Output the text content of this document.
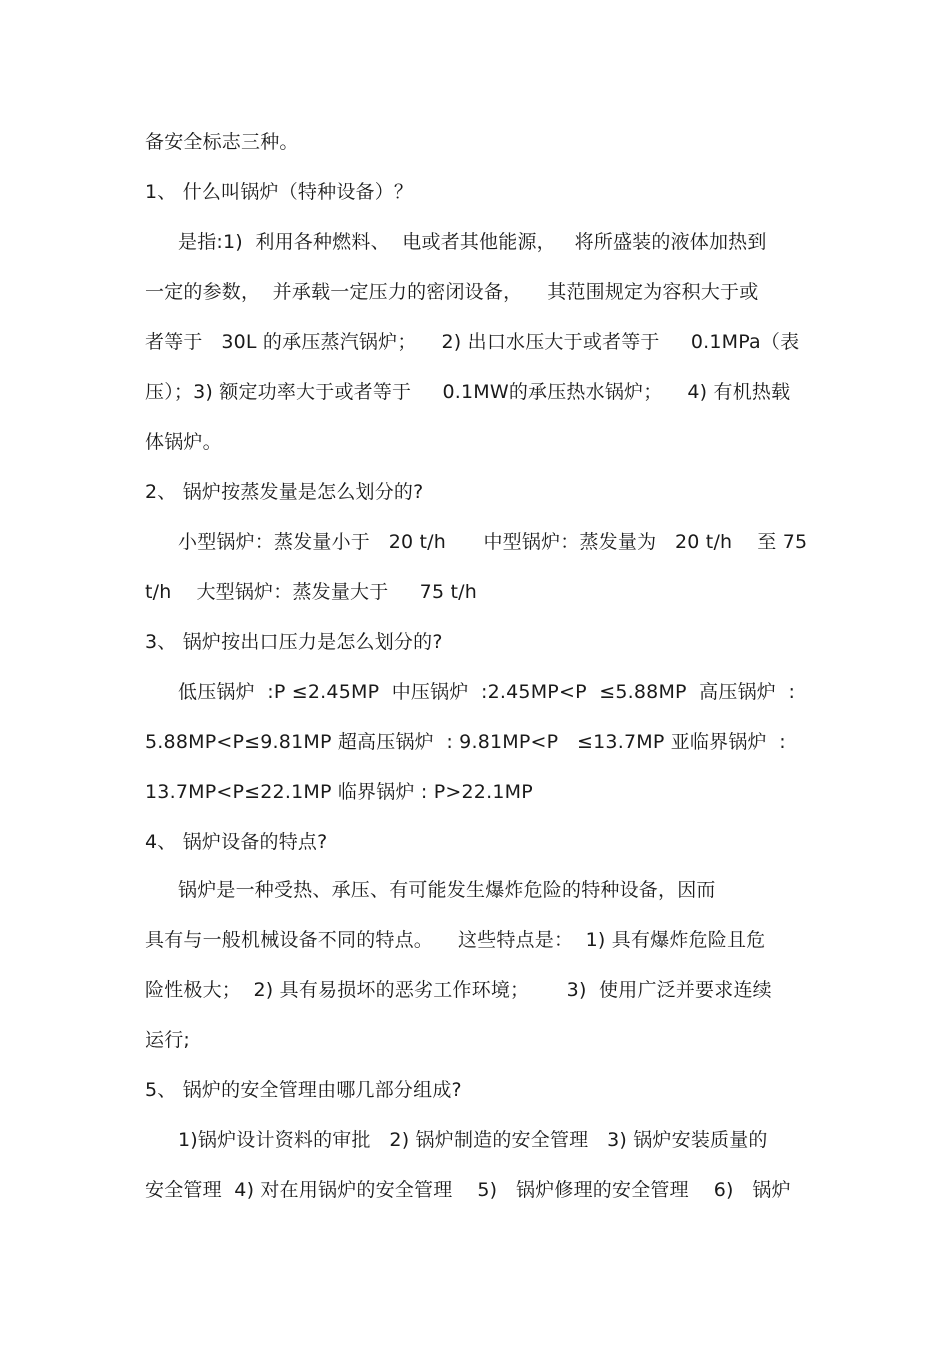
备安全标志三种。
1、 什么叫锅炉（特种设备）？
是指:1)  利用各种燃料、  电或者其他能源，   将所盛装的液体加热到
一定的参数，  并承载一定压力的密闭设备，    其范围规定为容积大于或
者等于   30L 的承压蒸汽锅炉；    2) 出口水压大于或者等于     0.1MPa（表
压）；3) 额定功率大于或者等于     0.1MW的承压热水锅炉；    4) 有机热载
体锅炉。
2、 锅炉按蒸发量是怎么划分的?
小型锅炉：蒸发量小于   20 t/h      中型锅炉：蒸发量为   20 t/h    至 75
t/h    大型锅炉：蒸发量大于     75 t/h
3、 锅炉按出口压力是怎么划分的?
低压锅炉  :P ≤2.45MP  中压锅炉  :2.45MP<P  ≤5.88MP  高压锅炉  :
5.88MP<P≤9.81MP 超高压锅炉  : 9.81MP<P   ≤13.7MP 亚临界锅炉  :
13.7MP<P≤22.1MP 临界锅炉 : P>22.1MP
4、 锅炉设备的特点?
锅炉是一种受热、承压、有可能发生爆炸危险的特种设备，因而
具有与一般机械设备不同的特点。    这些特点是：  1) 具有爆炸危险且危
险性极大；  2) 具有易损坏的恶劣工作环境；      3)  使用广泛并要求连续
运行;
5、 锅炉的安全管理由哪几部分组成?
1)锅炉设计资料的审批   2) 锅炉制造的安全管理   3) 锅炉安装质量的
安全管理  4) 对在用锅炉的安全管理    5)   锅炉修理的安全管理    6)   锅炉
